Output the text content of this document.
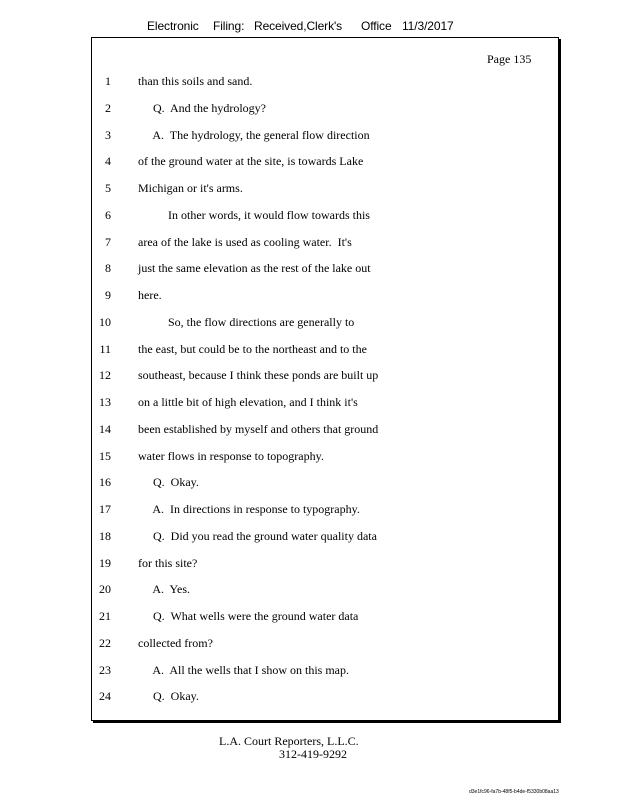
Electronic Filing: Received,Clerk's Office 11/3/2017
Page 135
1 than this soils and sand.
2 Q.  And the hydrology?
3 A.  The hydrology, the general flow direction
4 of the ground water at the site, is towards Lake
5 Michigan or it's arms.
6 In other words, it would flow towards this
7 area of the lake is used as cooling water.  It's
8 just the same elevation as the rest of the lake out
9 here.
10 So, the flow directions are generally to
11 the east, but could be to the northeast and to the
12 southeast, because I think these ponds are built up
13 on a little bit of high elevation, and I think it's
14 been established by myself and others that ground
15 water flows in response to topography.
16 Q.  Okay.
17 A.  In directions in response to typography.
18 Q.  Did you read the ground water quality data
19 for this site?
20 A.  Yes.
21 Q.  What wells were the ground water data
22 collected from?
23 A.  All the wells that I show on this map.
24 Q.  Okay.
L.A. Court Reporters, L.L.C.
312-419-9292
d3e1fc96-fa7b-48f5-b4de-f5330b08aa13
